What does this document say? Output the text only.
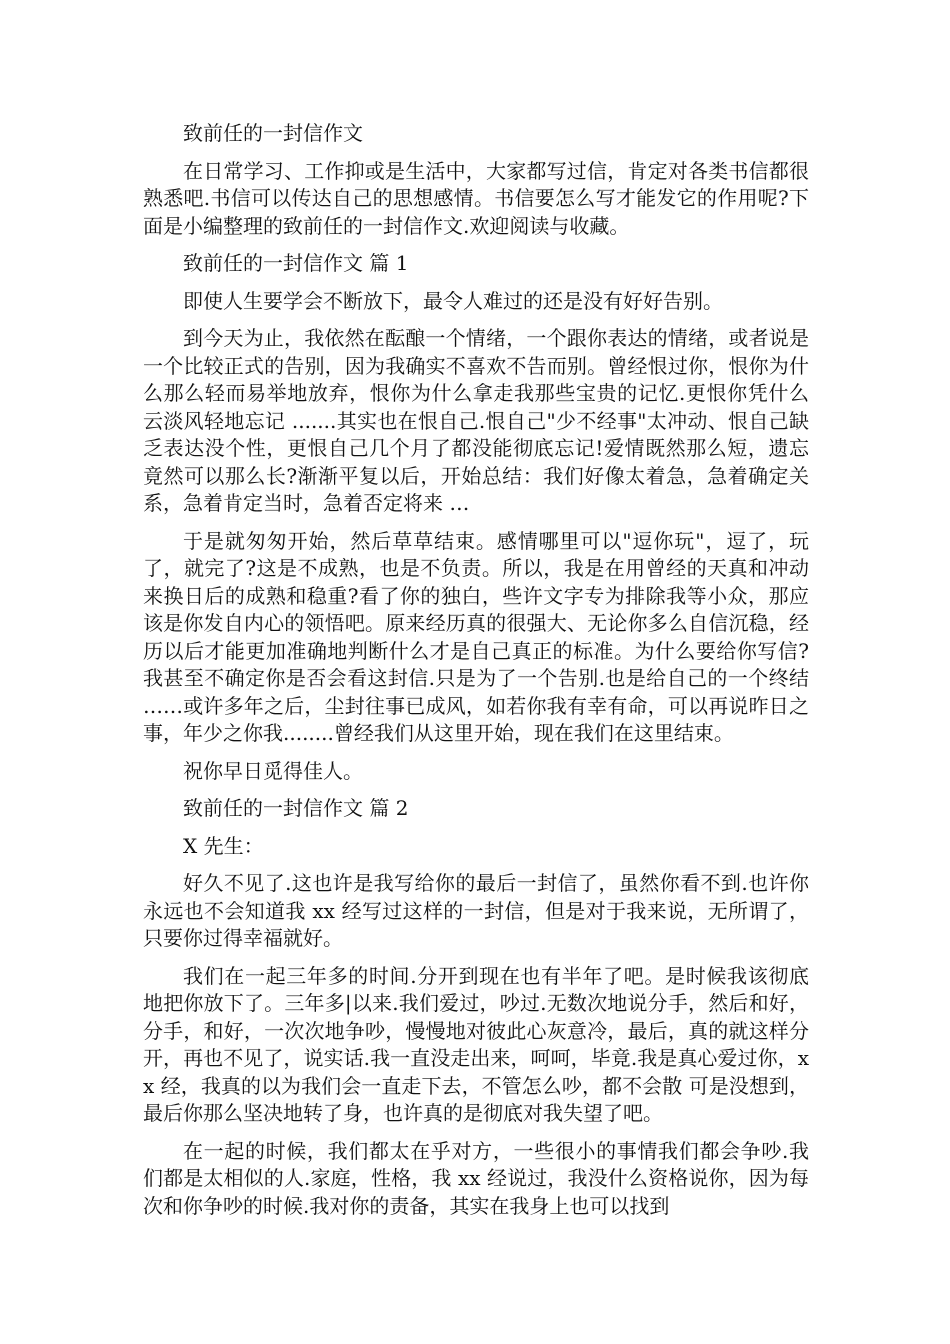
致前任的一封信作文

在日常学习、工作抑或是生活中，大家都写过信，肯定对各类书信都很熟悉吧.书信可以传达自己的思想感情。书信要怎么写才能发它的作用呢?下面是小编整理的致前任的一封信作文.欢迎阅读与收藏。

致前任的一封信作文 篇 1

即使人生要学会不断放下，最令人难过的还是没有好好告别。

到今天为止，我依然在酝酿一个情绪，一个跟你表达的情绪，或者说是一个比较正式的告别，因为我确实不喜欢不告而别。曾经恨过你，恨你为什么那么轻而易举地放弃，恨你为什么拿走我那些宝贵的记忆.更恨你凭什么云淡风轻地忘记 .......其实也在恨自己.恨自己"少不经事"太冲动、恨自己缺乏表达没个性，更恨自己几个月了都没能彻底忘记!爱情既然那么短，遗忘竟然可以那么长?渐渐平复以后，开始总结：我们好像太着急，急着确定关系，急着肯定当时，急着否定将来 …

于是就匆匆开始，然后草草结束。感情哪里可以"逗你玩"，逗了，玩了，就完了?这是不成熟，也是不负责。所以，我是在用曾经的天真和冲动来换日后的成熟和稳重?看了你的独白，些许文字专为排除我等小众，那应该是你发自内心的领悟吧。原来经历真的很强大、无论你多么自信沉稳，经历以后才能更加准确地判断什么才是自己真正的标准。为什么要给你写信?我甚至不确定你是否会看这封信.只是为了一个告别.也是给自己的一个终结 ……或许多年之后，尘封往事已成风，如若你我有幸有命，可以再说昨日之事，年少之你我........曾经我们从这里开始，现在我们在这里结束。

祝你早日觅得佳人。

致前任的一封信作文 篇 2

X 先生：

好久不见了.这也许是我写给你的最后一封信了，虽然你看不到.也许你永远也不会知道我 xx 经写过这样的一封信，但是对于我来说，无所谓了，只要你过得幸福就好。

我们在一起三年多的时间.分开到现在也有半年了吧。是时候我该彻底地把你放下了。三年多|以来.我们爱过，吵过.无数次地说分手，然后和好，分手，和好，一次次地争吵，慢慢地对彼此心灰意冷，最后，真的就这样分开，再也不见了，说实话.我一直没走出来，呵呵，毕竟.我是真心爱过你，xx 经，我真的以为我们会一直走下去，不管怎么吵，都不会散 可是没想到，最后你那么坚决地转了身，也许真的是彻底对我失望了吧。

在一起的时候，我们都太在乎对方，一些很小的事情我们都会争吵.我们都是太相似的人.家庭，性格，我 xx 经说过，我没什么资格说你，因为每次和你争吵的时候.我对你的责备，其实在我身上也可以找到
